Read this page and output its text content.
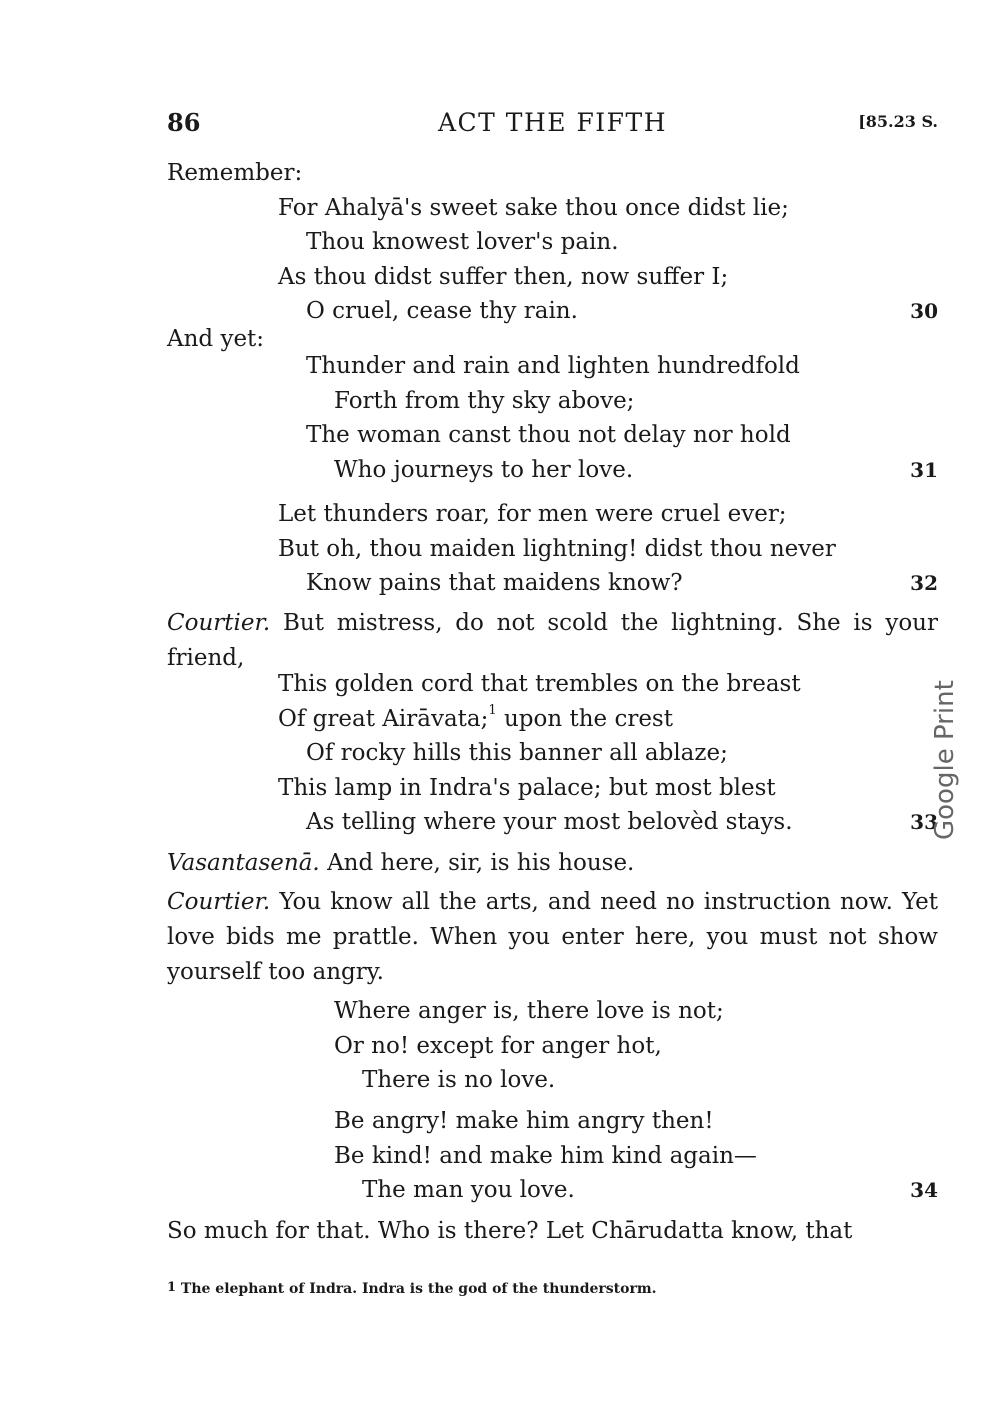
86	ACT THE FIFTH	[85.23 S.
Remember:
For Ahalyā's sweet sake thou once didst lie;
Thou knowest lover's pain.
As thou didst suffer then, now suffer I;
O cruel, cease thy rain.	30
And yet:
Thunder and rain and lighten hundredfold
Forth from thy sky above;
The woman canst thou not delay nor hold
Who journeys to her love.	31
Let thunders roar, for men were cruel ever;
But oh, thou maiden lightning! didst thou never
Know pains that maidens know?	32
Courtier. But mistress, do not scold the lightning. She is your friend,
This golden cord that trembles on the breast
Of great Airāvata;$^1$ upon the crest
Of rocky hills this banner all ablaze;
This lamp in Indra's palace; but most blest
As telling where your most belovèd stays.	33
Vasantasenā. And here, sir, is his house.
Courtier. You know all the arts, and need no instruction now. Yet love bids me prattle. When you enter here, you must not show yourself too angry.
Where anger is, there love is not;
Or no! except for anger hot,
There is no love.
Be angry! make him angry then!
Be kind! and make him kind again—
The man you love.	34
So much for that. Who is there? Let Chārudatta know, that
$^1$ The elephant of Indra. Indra is the god of the thunderstorm.
Google Print
